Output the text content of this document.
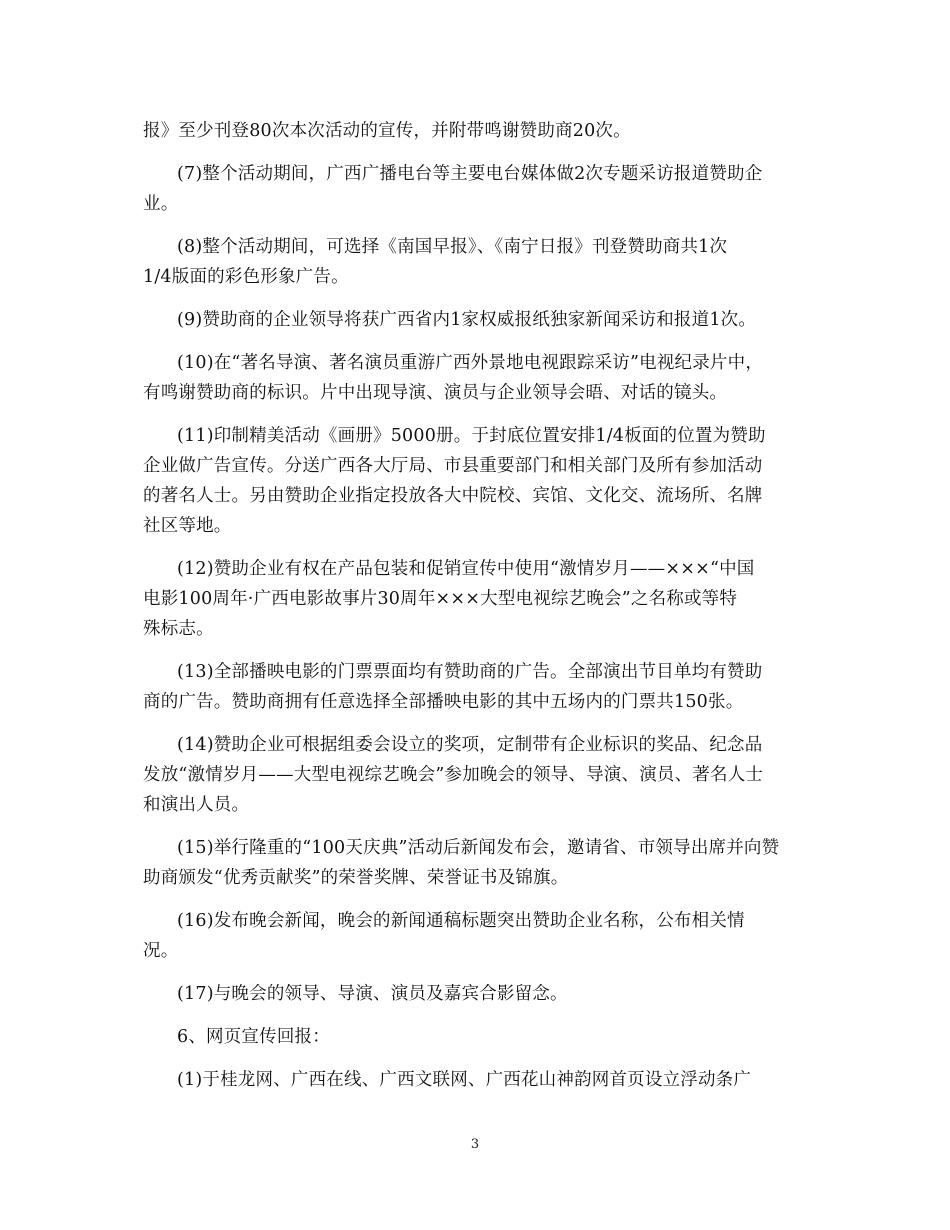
报》至少刊登80次本次活动的宣传，并附带鸣谢赞助商20次。
(7)整个活动期间，广西广播电台等主要电台媒体做2次专题采访报道赞助企
业。
(8)整个活动期间，可选择《南国早报》、《南宁日报》刊登赞助商共1次
1/4版面的彩色形象广告。
(9)赞助商的企业领导将获广西省内1家权威报纸独家新闻采访和报道1次。
(10)在“著名导演、著名演员重游广西外景地电视跟踪采访”电视纪录片中，
有鸣谢赞助商的标识。片中出现导演、演员与企业领导会晤、对话的镜头。
(11)印制精美活动《画册》5000册。于封底位置安排1/4板面的位置为赞助
企业做广告宣传。分送广西各大厅局、市县重要部门和相关部门及所有参加活动
的著名人士。另由赞助企业指定投放各大中院校、宾馆、文化交、流场所、名牌
社区等地。
(12)赞助企业有权在产品包装和促销宣传中使用“激情岁月——×××“中国
电影100周年·广西电影故事片30周年×××大型电视综艺晚会”之名称或等特
殊标志。
(13)全部播映电影的门票票面均有赞助商的广告。全部演出节目单均有赞助
商的广告。赞助商拥有任意选择全部播映电影的其中五场内的门票共150张。
(14)赞助企业可根据组委会设立的奖项，定制带有企业标识的奖品、纪念品
发放“激情岁月——大型电视综艺晚会”参加晚会的领导、导演、演员、著名人士
和演出人员。
(15)举行隆重的“100天庆典”活动后新闻发布会，邀请省、市领导出席并向赞
助商颁发“优秀贡献奖”的荣誉奖牌、荣誉证书及锦旗。
(16)发布晚会新闻，晚会的新闻通稿标题突出赞助企业名称，公布相关情
况。
(17)与晚会的领导、导演、演员及嘉宾合影留念。
6、网页宣传回报：
(1)于桂龙网、广西在线、广西文联网、广西花山神韵网首页设立浮动条广
3
